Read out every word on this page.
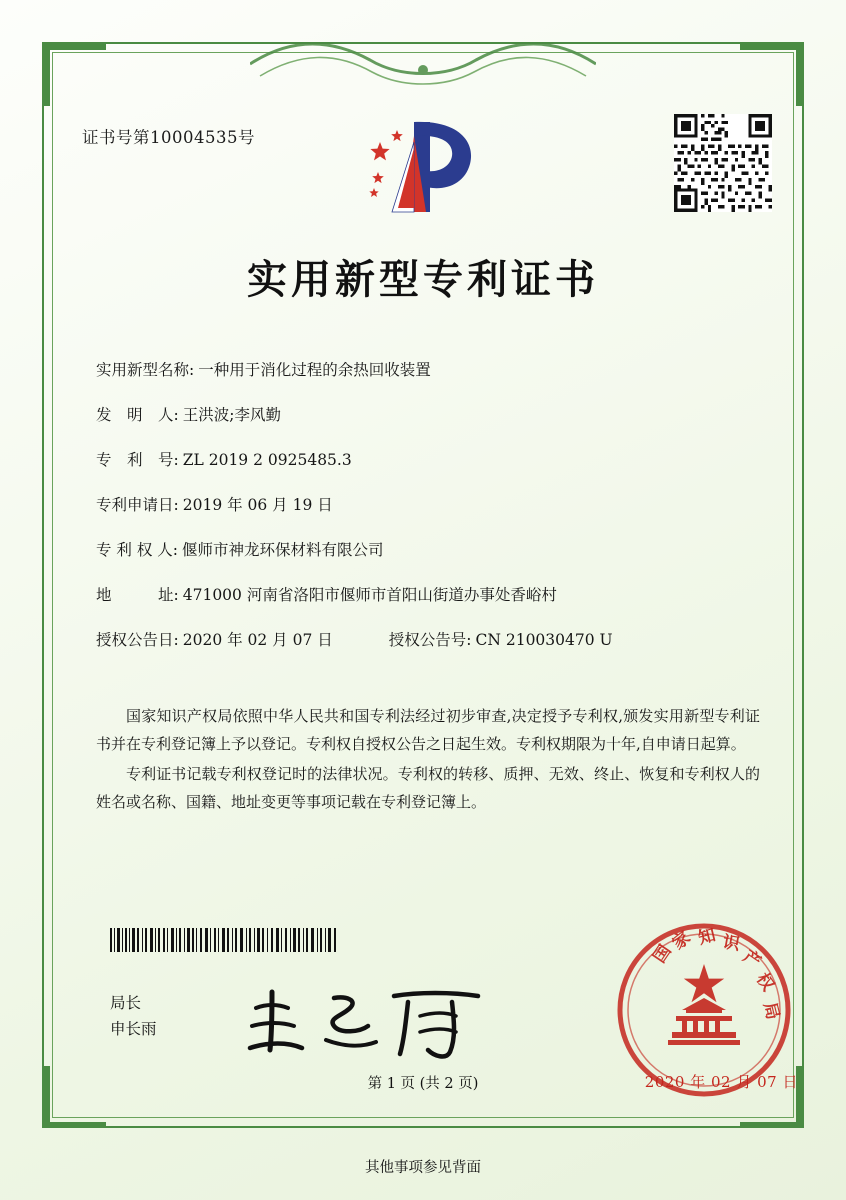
证书号第10004535号
实用新型专利证书
实用新型名称: 一种用于消化过程的余热回收装置
发　明　人: 王洪波;李风勤
专　利　号: ZL 2019 2 0925485.3
专利申请日: 2019 年 06 月 19 日
专 利 权 人: 偃师市神龙环保材料有限公司
地　　　址: 471000 河南省洛阳市偃师市首阳山街道办事处香峪村
授权公告日: 2020 年 02 月 07 日	授权公告号: CN 210030470 U

国家知识产权局依照中华人民共和国专利法经过初步审查,决定授予专利权,颁发实用新型专利证书并在专利登记簿上予以登记。专利权自授权公告之日起生效。专利权期限为十年,自申请日起算。

专利证书记载专利权登记时的法律状况。专利权的转移、质押、无效、终止、恢复和专利权人的姓名或名称、国籍、地址变更等事项记载在专利登记簿上。

局长
申长雨
国
家 知 识
产
权
局
2020 年 02 月 07 日
第 1 页 (共 2 页)
其他事项参见背面
